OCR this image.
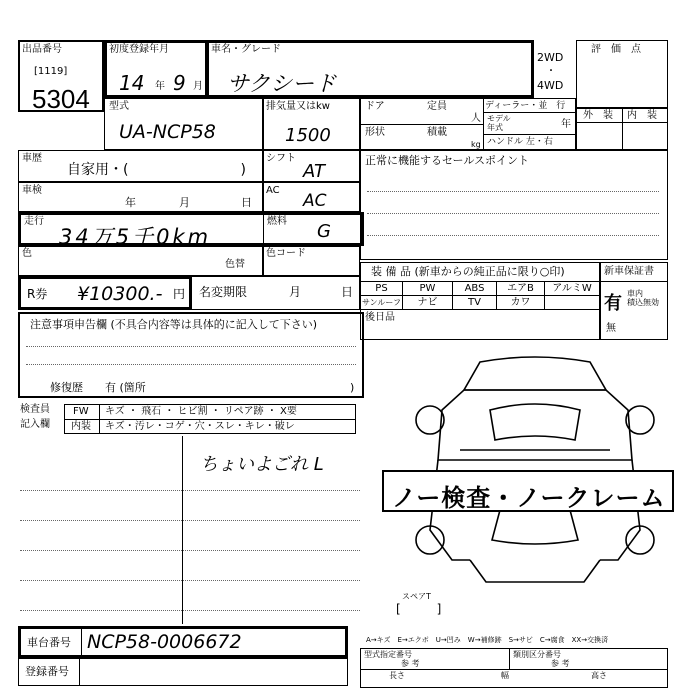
出品番号
[1119]
5304
初度登録年月
14 年 9 月
車名・グレード
サクシード
2WD
・
4WD
評　価　点
型式
UA-NCP58
排気量又はkw
1500
ドア	定員
人
ディーラー・並　行
モデル
年式	年
形状	積載
kg ハンドル 左・右
外　装 内　装
車歴
自家用・(　　　　　　　　)
シフト
AT
車検
年	月	日
AC
AC
走行
34万5千0km
燃料 G
色
色替
色コード
R券 ¥10300.- 円 名変期限	月	日
注意事項申告欄 (不具合内容等は具体的に記入して下さい)
修復歴　　有 (箇所	)
検査員
記入欄
FW キズ ・ 飛石 ・ ヒビ割 ・ リペア跡 ・ X要
内装 キズ・汚レ・コゲ・穴・スレ・キレ・破レ
ちょいよごれ L
車台番号 NCP58-0006672
登録番号
正常に機能するセールスポイント
装 備 品 (新車からの純正品に限り○印)
PS	PW	ABS	エアB	アルミW
サンルーフ	ナビ	TV	カワ
後日品
新車保証書
有 車内
積込無効
無
ノー検査・ノークレーム
スペアT
[　　　]
A→キズ　E→エクボ　U→凹み　W→補修跡　S→サビ　C→腐食　XX→交換済
型式指定番号
参 考
類別区分番号
参 考
長さ	幅	高さ
